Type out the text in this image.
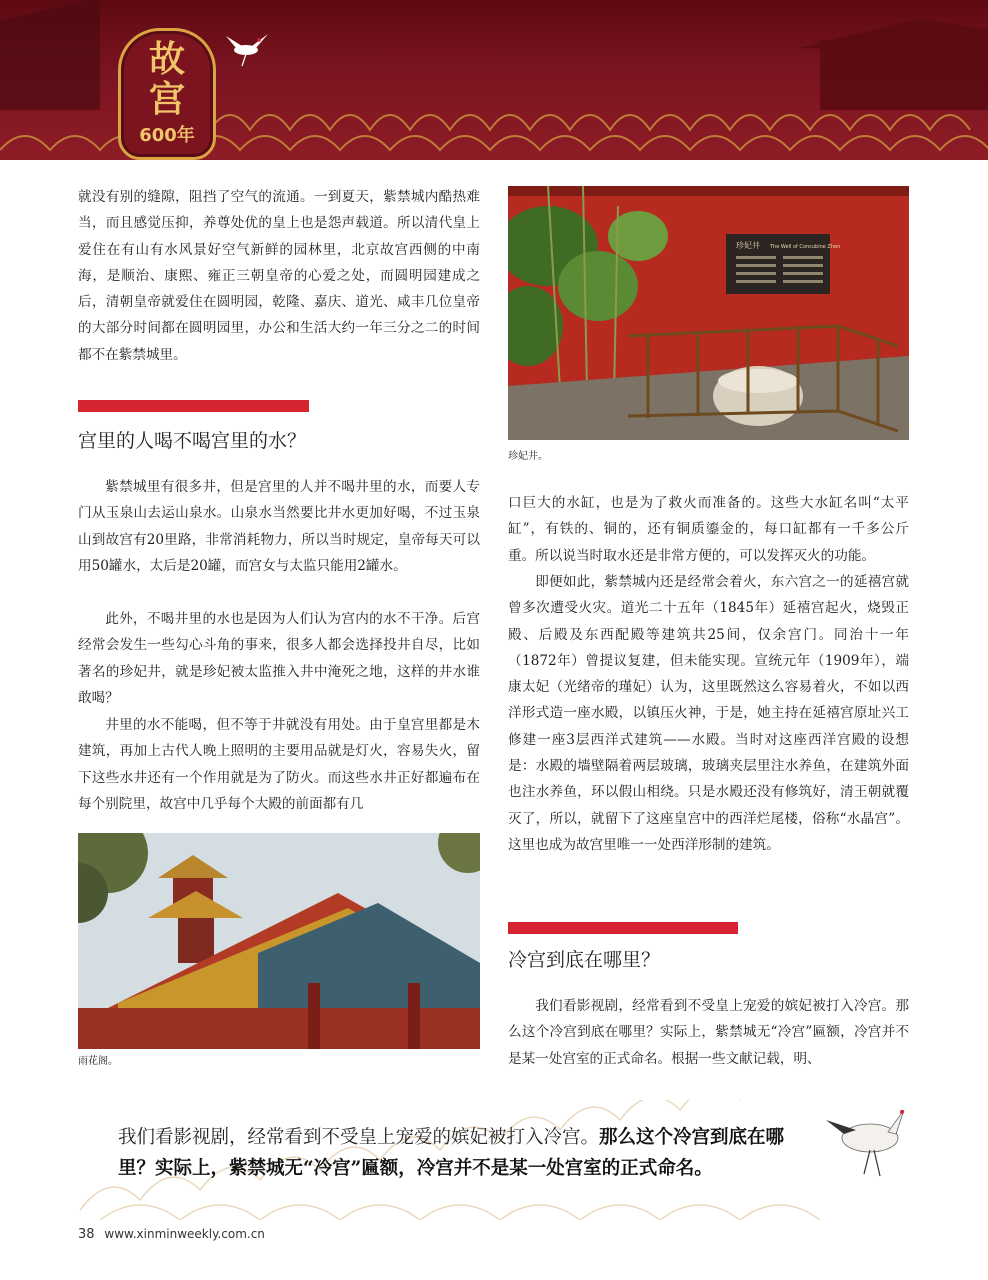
故
宫
600年

就没有别的缝隙，阻挡了空气的流通。一到夏天，紫禁城内酷热难当，而且感觉压抑，养尊处优的皇上也是怨声载道。所以清代皇上爱住在有山有水风景好空气新鲜的园林里，北京故宫西侧的中南海，是顺治、康熙、雍正三朝皇帝的心爱之处，而圆明园建成之后，清朝皇帝就爱住在圆明园，乾隆、嘉庆、道光、咸丰几位皇帝的大部分时间都在圆明园里，办公和生活大约一年三分之二的时间都不在紫禁城里。

宫里的人喝不喝宫里的水？

紫禁城里有很多井，但是宫里的人并不喝井里的水，而要人专门从玉泉山去运山泉水。山泉水当然要比井水更加好喝，不过玉泉山到故宫有20里路，非常消耗物力，所以当时规定，皇帝每天可以用50罐水，太后是20罐，而宫女与太监只能用2罐水。

此外，不喝井里的水也是因为人们认为宫内的水不干净。后宫经常会发生一些勾心斗角的事来，很多人都会选择投井自尽，比如著名的珍妃井，就是珍妃被太监推入井中淹死之地，这样的井水谁敢喝？

井里的水不能喝，但不等于井就没有用处。由于皇宫里都是木建筑，再加上古代人晚上照明的主要用品就是灯火，容易失火，留下这些水井还有一个作用就是为了防火。而这些水井正好都遍布在每个别院里，故宫中几乎每个大殿的前面都有几

雨花阁。
珍妃井 The Well of Concubine Zhen
珍妃井。

口巨大的水缸，也是为了救火而准备的。这些大水缸名叫“太平缸”，有铁的、铜的，还有铜质鎏金的，每口缸都有一千多公斤重。所以说当时取水还是非常方便的，可以发挥灭火的功能。

即便如此，紫禁城内还是经常会着火，东六宫之一的延禧宫就曾多次遭受火灾。道光二十五年（1845年）延禧宫起火，烧毁正殿、后殿及东西配殿等建筑共25间，仅余宫门。同治十一年（1872年）曾提议复建，但未能实现。宣统元年（1909年），端康太妃（光绪帝的瑾妃）认为，这里既然这么容易着火，不如以西洋形式造一座水殿，以镇压火神，于是，她主持在延禧宫原址兴工修建一座3层西洋式建筑——水殿。当时对这座西洋宫殿的设想是：水殿的墙壁隔着两层玻璃，玻璃夹层里注水养鱼，在建筑外面也注水养鱼，环以假山相绕。只是水殿还没有修筑好，清王朝就覆灭了，所以，就留下了这座皇宫中的西洋烂尾楼，俗称“水晶宫”。这里也成为故宫里唯一一处西洋形制的建筑。

冷宫到底在哪里？

我们看影视剧，经常看到不受皇上宠爱的嫔妃被打入冷宫。那么这个冷宫到底在哪里？实际上，紫禁城无“冷宫”匾额，冷宫并不是某一处宫室的正式命名。根据一些文献记载，明、

我们看影视剧，经常看到不受皇上宠爱的嫔妃被打入冷宫。那么这个冷宫到底在哪里？实际上，紫禁城无“冷宫”匾额，冷宫并不是某一处宫室的正式命名。

38 www.xinminweekly.com.cn
